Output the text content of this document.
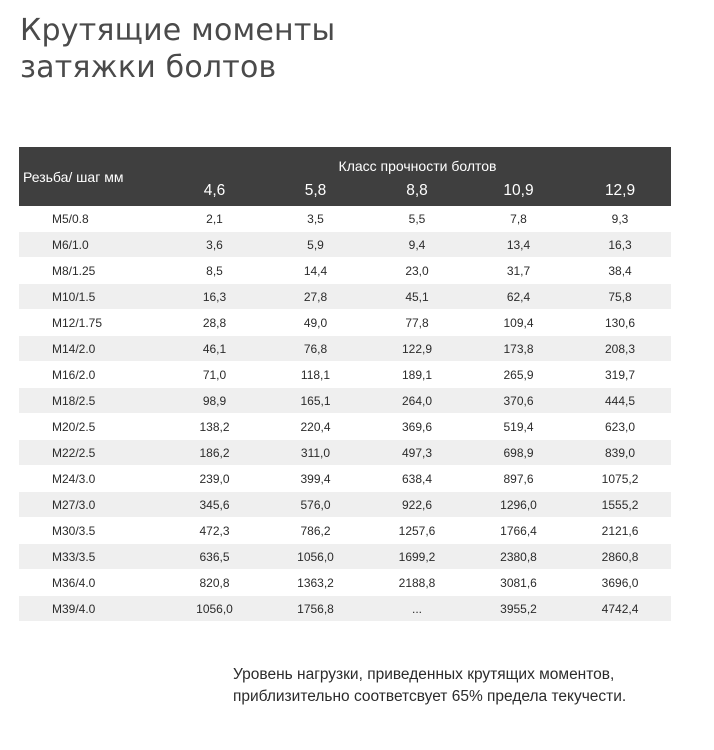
Крутящие моменты
затяжки болтов
Резьба/ шаг мм	Класс прочности болтов				
	4,6	5,8	8,8	10,9	12,9
M5/0.8	2,1	3,5	5,5	7,8	9,3
M6/1.0	3,6	5,9	9,4	13,4	16,3
M8/1.25	8,5	14,4	23,0	31,7	38,4
M10/1.5	16,3	27,8	45,1	62,4	75,8
M12/1.75	28,8	49,0	77,8	109,4	130,6
M14/2.0	46,1	76,8	122,9	173,8	208,3
M16/2.0	71,0	118,1	189,1	265,9	319,7
M18/2.5	98,9	165,1	264,0	370,6	444,5
M20/2.5	138,2	220,4	369,6	519,4	623,0
M22/2.5	186,2	311,0	497,3	698,9	839,0
M24/3.0	239,0	399,4	638,4	897,6	1075,2
M27/3.0	345,6	576,0	922,6	1296,0	1555,2
M30/3.5	472,3	786,2	1257,6	1766,4	2121,6
M33/3.5	636,5	1056,0	1699,2	2380,8	2860,8
M36/4.0	820,8	1363,2	2188,8	3081,6	3696,0
M39/4.0	1056,0	1756,8	...	3955,2	4742,4
Уровень нагрузки, приведенных крутящих моментов,
приблизительно соответсвует 65% предела текучести.
